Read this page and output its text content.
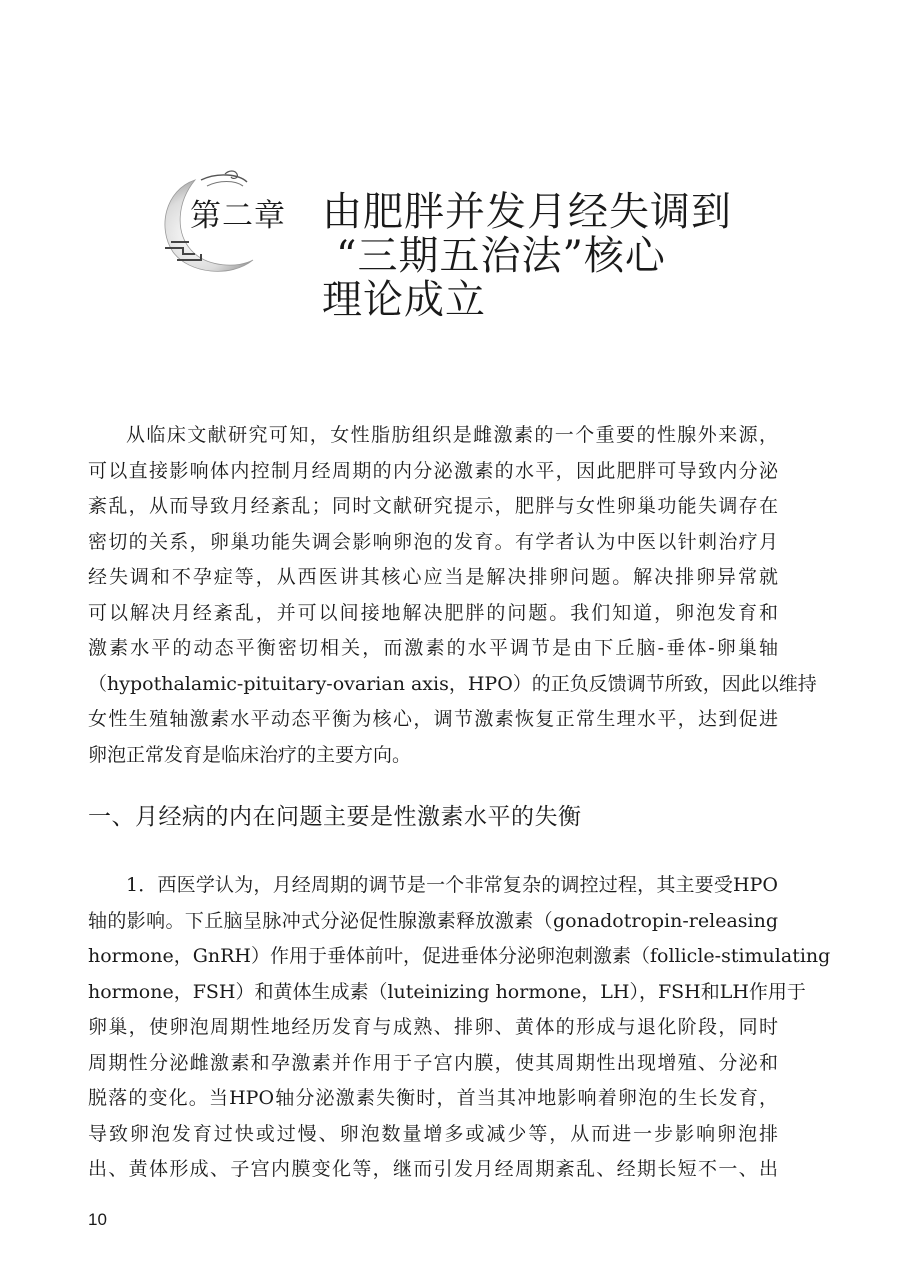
第二章 由肥胖并发月经失调到
“三期五治法”核心
理论成立
从临床文献研究可知，女性脂肪组织是雌激素的一个重要的性腺外来源，
可以直接影响体内控制月经周期的内分泌激素的水平，因此肥胖可导致内分泌
紊乱，从而导致月经紊乱；同时文献研究提示，肥胖与女性卵巢功能失调存在
密切的关系，卵巢功能失调会影响卵泡的发育。有学者认为中医以针刺治疗月
经失调和不孕症等，从西医讲其核心应当是解决排卵问题。解决排卵异常就
可以解决月经紊乱，并可以间接地解决肥胖的问题。我们知道，卵泡发育和
激素水平的动态平衡密切相关，而激素的水平调节是由下丘脑-垂体-卵巢轴
（hypothalamic-pituitary-ovarian axis，HPO）的正负反馈调节所致，因此以维持
女性生殖轴激素水平动态平衡为核心，调节激素恢复正常生理水平，达到促进
卵泡正常发育是临床治疗的主要方向。
一、月经病的内在问题主要是性激素水平的失衡
1．西医学认为，月经周期的调节是一个非常复杂的调控过程，其主要受HPO
轴的影响。下丘脑呈脉冲式分泌促性腺激素释放激素（gonadotropin-releasing
hormone，GnRH）作用于垂体前叶，促进垂体分泌卵泡刺激素（follicle-stimulating
hormone，FSH）和黄体生成素（luteinizing hormone，LH），FSH和LH作用于
卵巢，使卵泡周期性地经历发育与成熟、排卵、黄体的形成与退化阶段，同时
周期性分泌雌激素和孕激素并作用于子宫内膜，使其周期性出现增殖、分泌和
脱落的变化。当HPO轴分泌激素失衡时，首当其冲地影响着卵泡的生长发育，
导致卵泡发育过快或过慢、卵泡数量增多或减少等，从而进一步影响卵泡排
出、黄体形成、子宫内膜变化等，继而引发月经周期紊乱、经期长短不一、出
10
